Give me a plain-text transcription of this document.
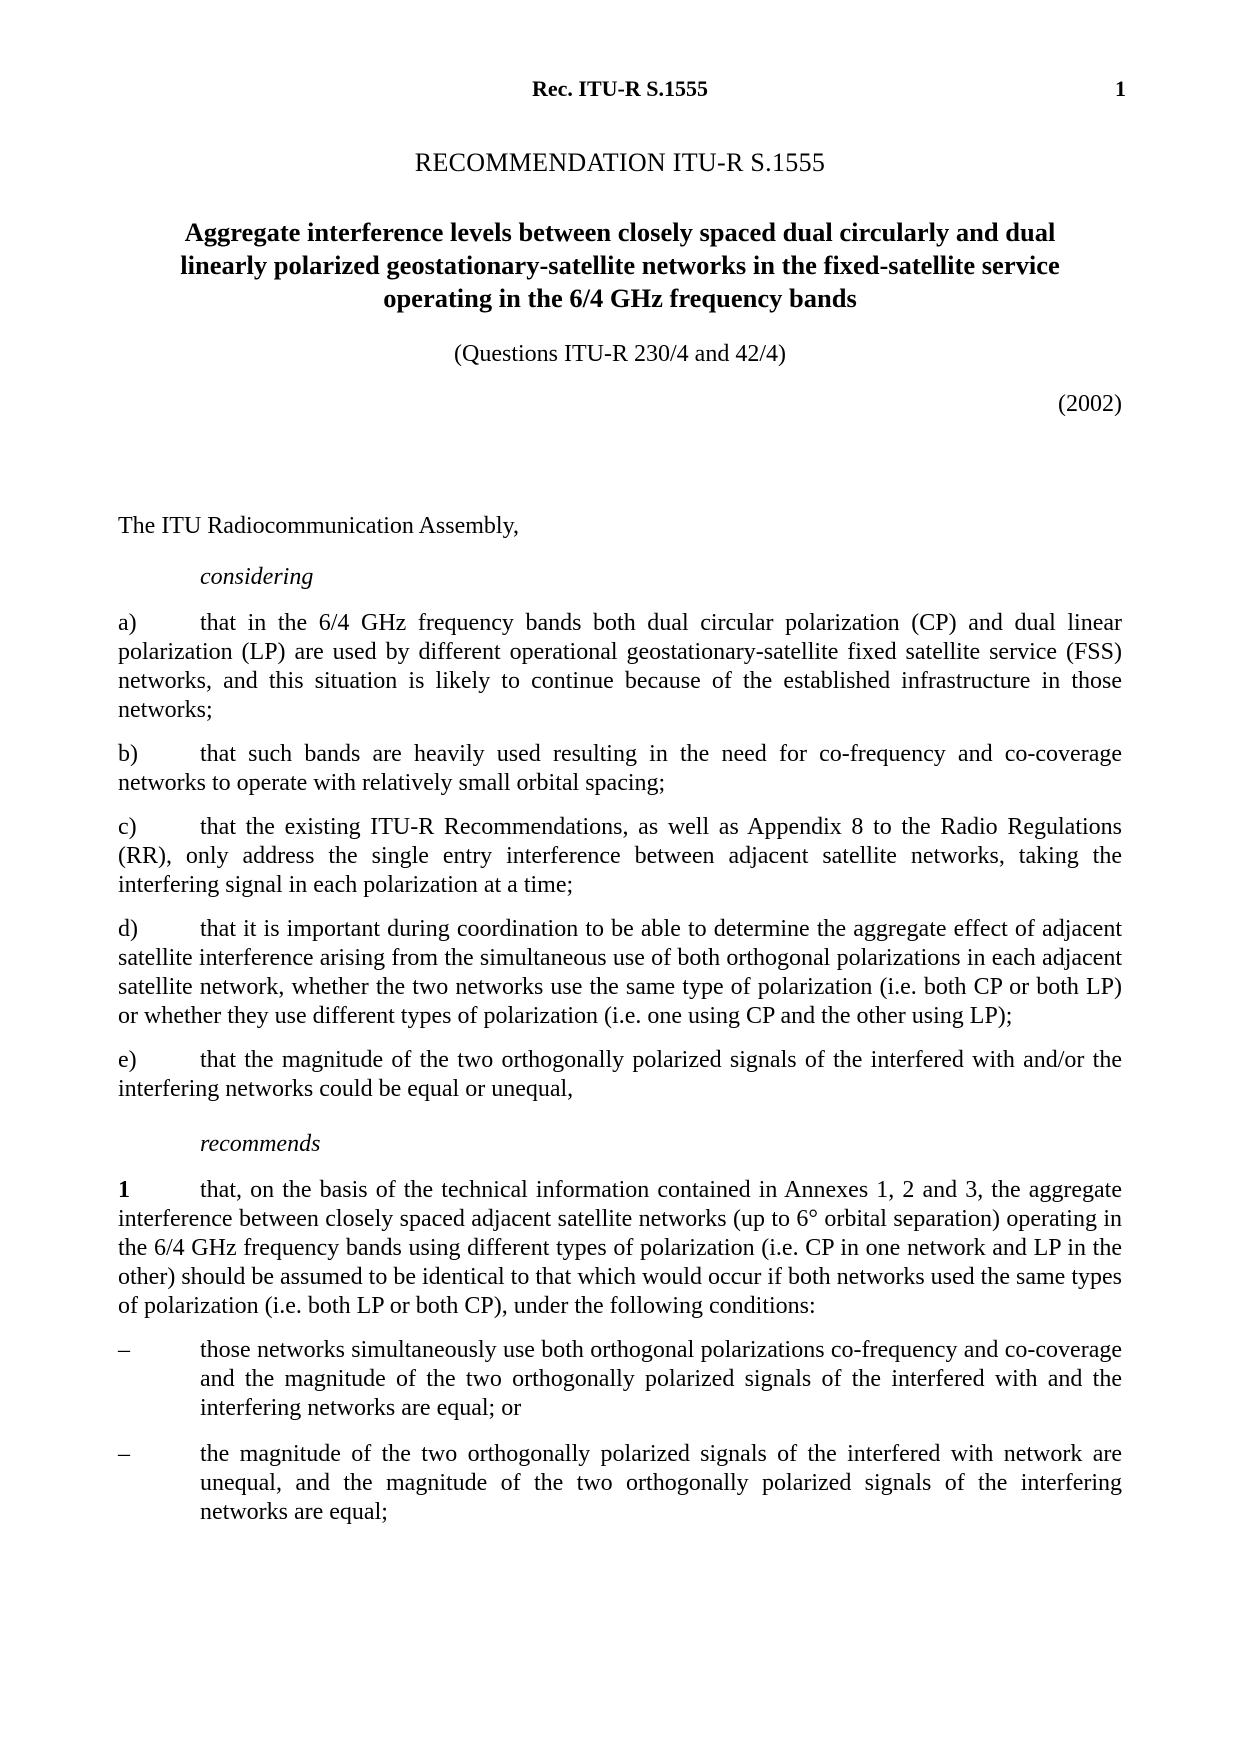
Rec. ITU-R S.1555	1
RECOMMENDATION ITU-R S.1555
Aggregate interference levels between closely spaced dual circularly and dual linearly polarized geostationary-satellite networks in the fixed-satellite service operating in the 6/4 GHz frequency bands
(Questions ITU-R 230/4 and 42/4)
(2002)

The ITU Radiocommunication Assembly,

considering

a)	that in the 6/4 GHz frequency bands both dual circular polarization (CP) and dual linear polarization (LP) are used by different operational geostationary-satellite fixed satellite service (FSS) networks, and this situation is likely to continue because of the established infrastructure in those networks;

b)	that such bands are heavily used resulting in the need for co-frequency and co-coverage networks to operate with relatively small orbital spacing;

c)	that the existing ITU-R Recommendations, as well as Appendix 8 to the Radio Regulations (RR), only address the single entry interference between adjacent satellite networks, taking the interfering signal in each polarization at a time;

d)	that it is important during coordination to be able to determine the aggregate effect of adjacent satellite interference arising from the simultaneous use of both orthogonal polarizations in each adjacent satellite network, whether the two networks use the same type of polarization (i.e. both CP or both LP) or whether they use different types of polarization (i.e. one using CP and the other using LP);

e)	that the magnitude of the two orthogonally polarized signals of the interfered with and/or the interfering networks could be equal or unequal,

recommends

1	that, on the basis of the technical information contained in Annexes 1, 2 and 3, the aggregate interference between closely spaced adjacent satellite networks (up to 6° orbital separation) operating in the 6/4 GHz frequency bands using different types of polarization (i.e. CP in one network and LP in the other) should be assumed to be identical to that which would occur if both networks used the same types of polarization (i.e. both LP or both CP), under the following conditions:

–	those networks simultaneously use both orthogonal polarizations co-frequency and co-coverage and the magnitude of the two orthogonally polarized signals of the interfered with and the interfering networks are equal; or

–	the magnitude of the two orthogonally polarized signals of the interfered with network are unequal, and the magnitude of the two orthogonally polarized signals of the interfering networks are equal;
